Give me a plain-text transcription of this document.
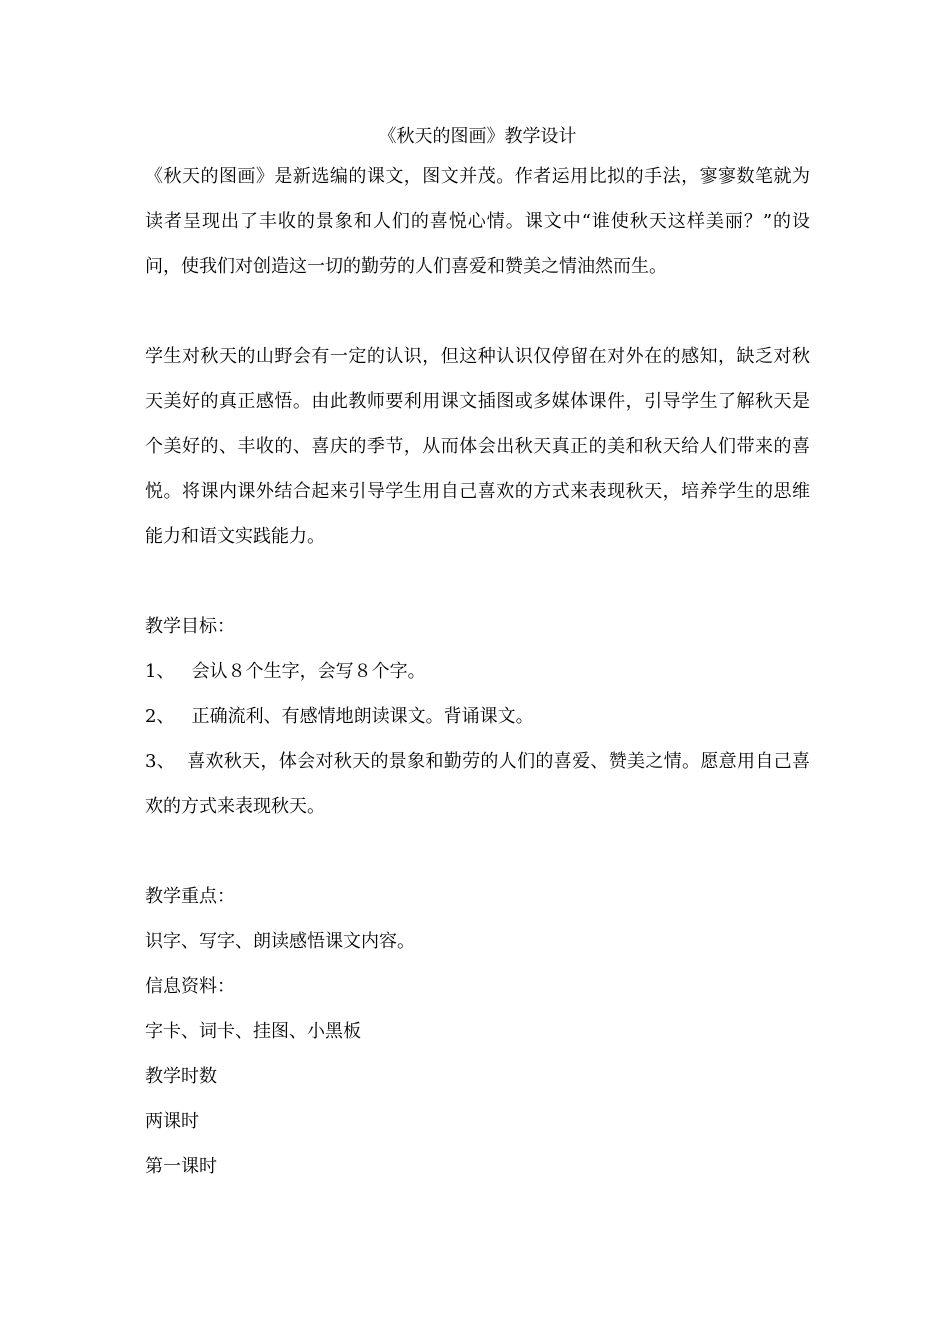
《秋天的图画》教学设计

《秋天的图画》是新选编的课文，图文并茂。作者运用比拟的手法，寥寥数笔就为读者呈现出了丰收的景象和人们的喜悦心情。课文中“谁使秋天这样美丽？”的设问，使我们对创造这一切的勤劳的人们喜爱和赞美之情油然而生。

学生对秋天的山野会有一定的认识，但这种认识仅停留在对外在的感知，缺乏对秋天美好的真正感悟。由此教师要利用课文插图或多媒体课件，引导学生了解秋天是个美好的、丰收的、喜庆的季节，从而体会出秋天真正的美和秋天给人们带来的喜悦。将课内课外结合起来引导学生用自己喜欢的方式来表现秋天，培养学生的思维能力和语文实践能力。

教学目标：

1、 会认８个生字，会写８个字。

2、 正确流利、有感情地朗读课文。背诵课文。

3、  喜欢秋天，体会对秋天的景象和勤劳的人们的喜爱、赞美之情。愿意用自己喜欢的方式来表现秋天。

教学重点：

识字、写字、朗读感悟课文内容。

信息资料：

字卡、词卡、挂图、小黑板

教学时数

两课时

第一课时
